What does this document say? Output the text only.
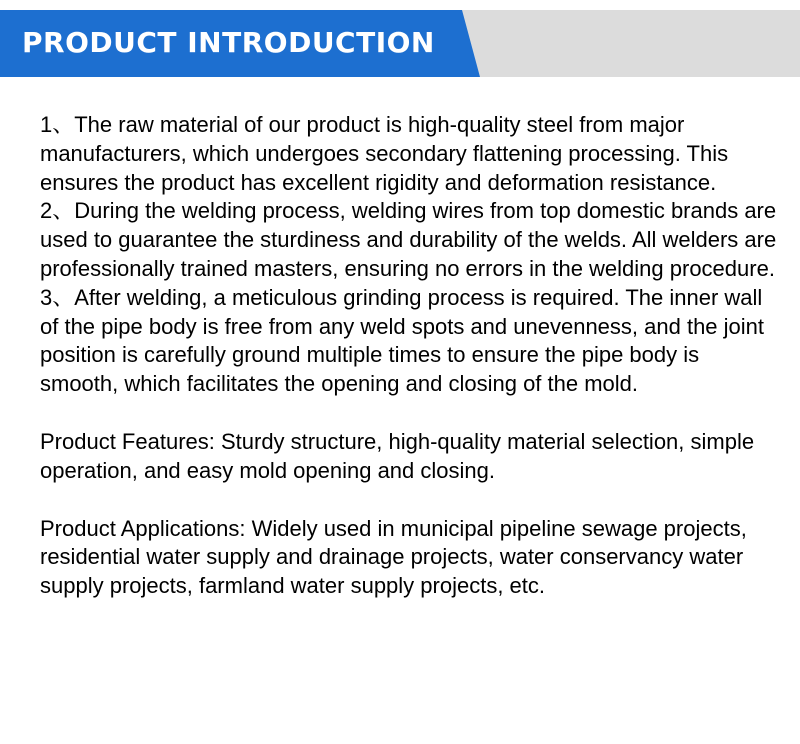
PRODUCT INTRODUCTION

1、The raw material of our product is high-quality steel from major manufacturers, which undergoes secondary flattening processing. This ensures the product has excellent rigidity and deformation resistance.

2、During the welding process, welding wires from top domestic brands are used to guarantee the sturdiness and durability of the welds. All welders are professionally trained masters, ensuring no errors in the welding procedure.

3、After welding, a meticulous grinding process is required. The inner wall of the pipe body is free from any weld spots and unevenness, and the joint position is carefully ground multiple times to ensure the pipe body is smooth, which facilitates the opening and closing of the mold.

Product Features: Sturdy structure, high-quality material selection, simple operation, and easy mold opening and closing.

Product Applications: Widely used in municipal pipeline sewage projects, residential water supply and drainage projects, water conservancy water supply projects, farmland water supply projects, etc.
